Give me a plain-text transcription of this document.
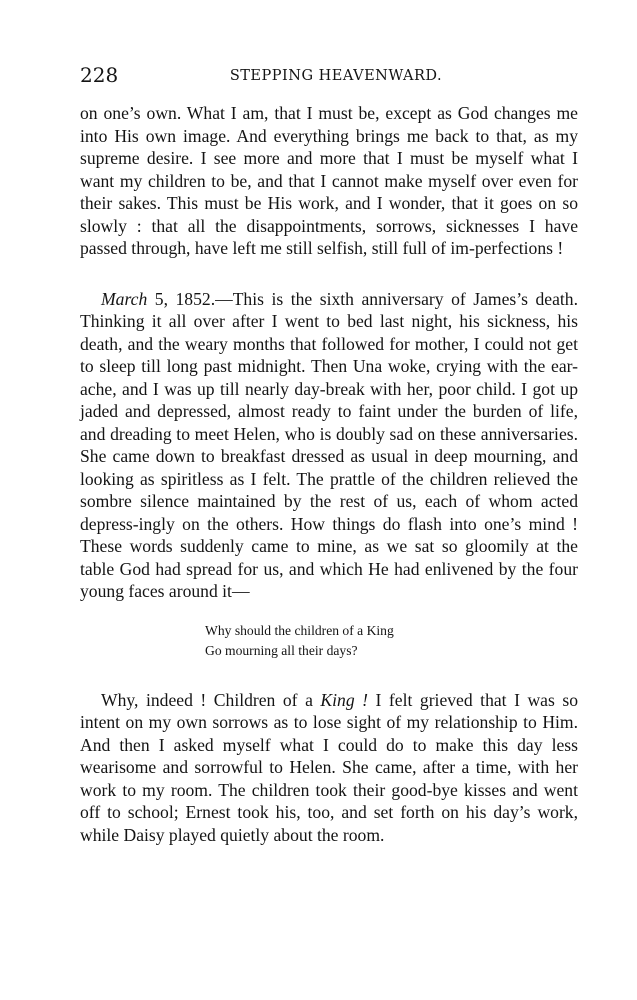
228	STEPPING HEAVENWARD.

on one’s own. What I am, that I must be, except as God changes me into His own image. And everything brings me back to that, as my supreme desire. I see more and more that I must be myself what I want my children to be, and that I cannot make myself over even for their sakes. This must be His work, and I wonder, that it goes on so slowly : that all the disappointments, sorrows, sicknesses I have passed through, have left me still selfish, still full of im-perfections !

March 5, 1852.—This is the sixth anniversary of James’s death. Thinking it all over after I went to bed last night, his sickness, his death, and the weary months that followed for mother, I could not get to sleep till long past midnight. Then Una woke, crying with the ear-ache, and I was up till nearly day-break with her, poor child. I got up jaded and depressed, almost ready to faint under the burden of life, and dreading to meet Helen, who is doubly sad on these anniversaries. She came down to breakfast dressed as usual in deep mourning, and looking as spiritless as I felt. The prattle of the children relieved the sombre silence maintained by the rest of us, each of whom acted depress-ingly on the others. How things do flash into one’s mind ! These words suddenly came to mine, as we sat so gloomily at the table God had spread for us, and which He had enlivened by the four young faces around it—

Why should the children of a King
Go mourning all their days?

Why, indeed ! Children of a King ! I felt grieved that I was so intent on my own sorrows as to lose sight of my relationship to Him. And then I asked myself what I could do to make this day less wearisome and sorrowful to Helen. She came, after a time, with her work to my room. The children took their good-bye kisses and went off to school; Ernest took his, too, and set forth on his day’s work, while Daisy played quietly about the room.
